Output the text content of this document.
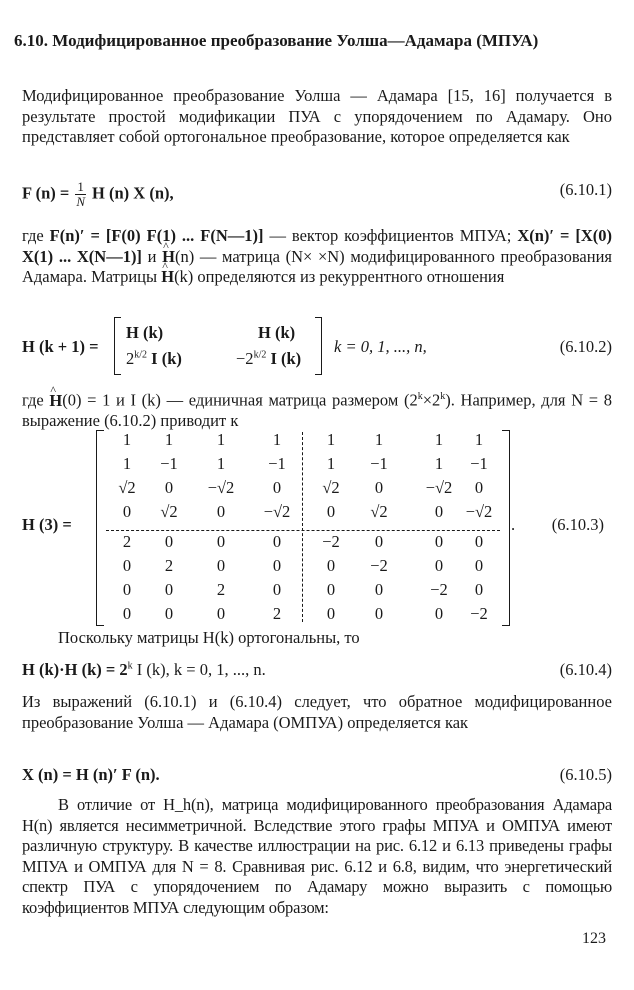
6.10. Модифицированное преобразование Уолша—Адамара (МПУА)
Модифицированное преобразование Уолша — Адамара [15, 16] получается в результате простой модификации ПУА с упорядочением по Адамару. Оно представляет собой ортогональное преобразование, которое определяется как
F $(n) = \frac{1}{N}$ H (n) X (n),	(6.10.1)
где F(n)′ = [F(0) F(1) ... F(N—1)] — вектор коэффициентов МПУА; X(n)′ = [X(0) X(1) ... X(N—1)] и ^ H(n) — матрица (N× ×N) модифицированного преобразования Адамара. Матрицы ^ H(k) определяются из рекуррентного отношения
H (k + 1) =
H (k)	H (k)
$2^{k/2}$ I (k)	$-2^{k/2}$ I (k)
k = 0, 1, ..., n,	(6.10.2)
где ^ H(0) = 1 и I (k) — единичная матрица размером $(2^k\times 2^k)$. Например, для N = 8 выражение (6.10.2) приводит к
H (3) =	. (6.10.3)
1	1	1	1	1	1	1	1
1	−1	1	−1	1	−1	1	−1
√2	0	−√2	0	√2	0	−√2	0
0	√2	0	−√2	0	√2	0	−√2
2	0	0	0	−2	0	0	0
0	2	0	0	0	−2	0	0
0	0	2	0	0	0	−2	0
0	0	0	2	0	0	0	−2
Поскольку матрицы H(k) ортогональны, то
H (k)·H $(k) = 2^k$ I (k), k = 0, 1, ..., n.	(6.10.4)
Из выражений (6.10.1) и (6.10.4) следует, что обратное модифицированное преобразование Уолша — Адамара (ОМПУА) определяется как
X (n) = H (n)′ F (n).	(6.10.5)
В отличие от H_h(n), матрица модифицированного преобразования Адамара H(n) является несимметричной. Вследствие этого графы МПУА и ОМПУА имеют различную структуру. В качестве иллюстрации на рис. 6.12 и 6.13 приведены графы МПУА и ОМПУА для N = 8. Сравнивая рис. 6.12 и 6.8, видим, что энергетический спектр ПУА с упорядочением по Адамару можно выразить с помощью коэффициентов МПУА следующим образом:
123
